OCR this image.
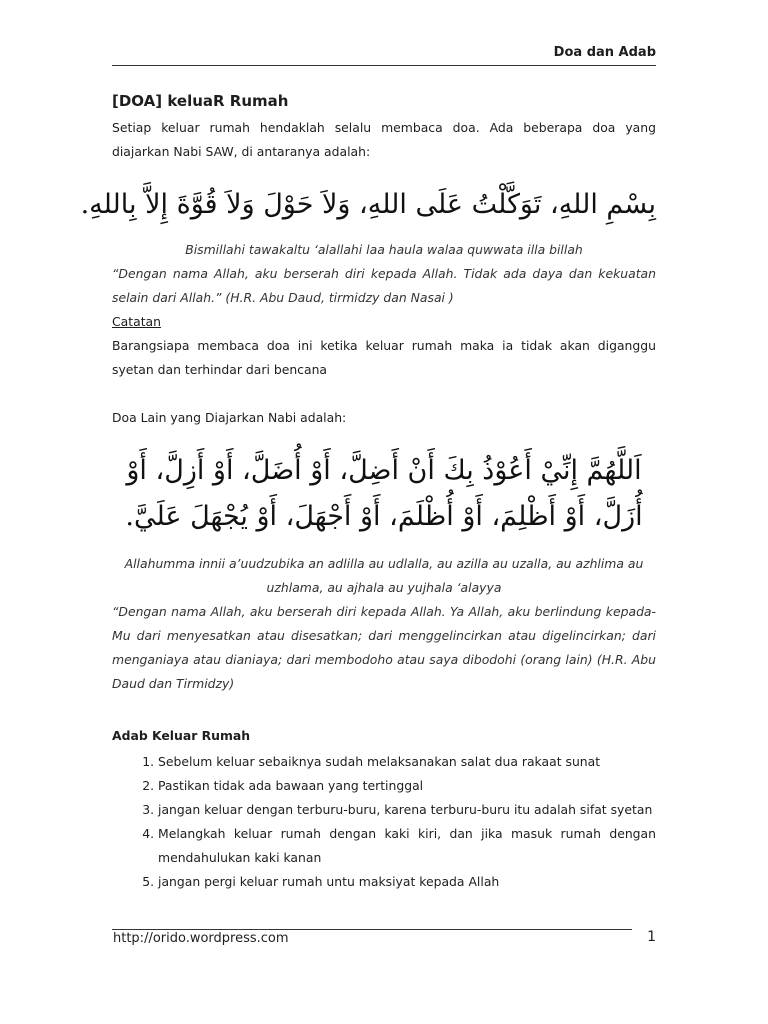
Doa dan Adab
[DOA] keluaR Rumah

Setiap keluar rumah hendaklah selalu membaca doa. Ada beberapa doa yang diajarkan Nabi SAW, di antaranya adalah:

بِسْمِ اللهِ، تَوَكَّلْتُ عَلَى اللهِ، وَلاَ حَوْلَ وَلاَ قُوَّةَ إِلاَّ بِاللهِ.

Bismillahi tawakaltu ‘alallahi laa haula walaa quwwata illa billah

“Dengan nama Allah, aku berserah diri kepada Allah. Tidak ada daya dan kekuatan selain dari Allah.” (H.R. Abu Daud, tirmidzy dan Nasai )

Catatan

Barangsiapa membaca doa ini ketika keluar rumah maka ia tidak akan diganggu syetan dan terhindar dari bencana

Doa Lain yang Diajarkan Nabi adalah:

اَللَّهُمَّ إِنِّيْ أَعُوْذُ بِكَ أَنْ أَضِلَّ، أَوْ أُضَلَّ، أَوْ أَزِلَّ، أَوْ أُزَلَّ، أَوْ أَظْلِمَ، أَوْ أُظْلَمَ، أَوْ أَجْهَلَ، أَوْ يُجْهَلَ عَلَيَّ.

Allahumma innii a’uudzubika an adlilla au udlalla, au azilla au uzalla, au azhlima au uzhlama, au ajhala au yujhala ‘alayya

“Dengan nama Allah, aku berserah diri kepada Allah. Ya Allah, aku berlindung kepada-Mu dari menyesatkan atau disesatkan; dari menggelincirkan atau digelincirkan; dari menganiaya atau dianiaya; dari membodoho atau saya dibodohi (orang lain) (H.R. Abu Daud dan Tirmidzy)

Adab Keluar Rumah

1. Sebelum keluar sebaiknya sudah melaksanakan salat dua rakaat sunat
2. Pastikan tidak ada bawaan yang tertinggal
3. jangan keluar dengan terburu-buru, karena terburu-buru itu adalah sifat syetan
4. Melangkah keluar rumah dengan kaki kiri, dan jika masuk rumah dengan mendahulukan kaki kanan
5. jangan pergi keluar rumah untu maksiyat kepada Allah
http://orido.wordpress.com	1
